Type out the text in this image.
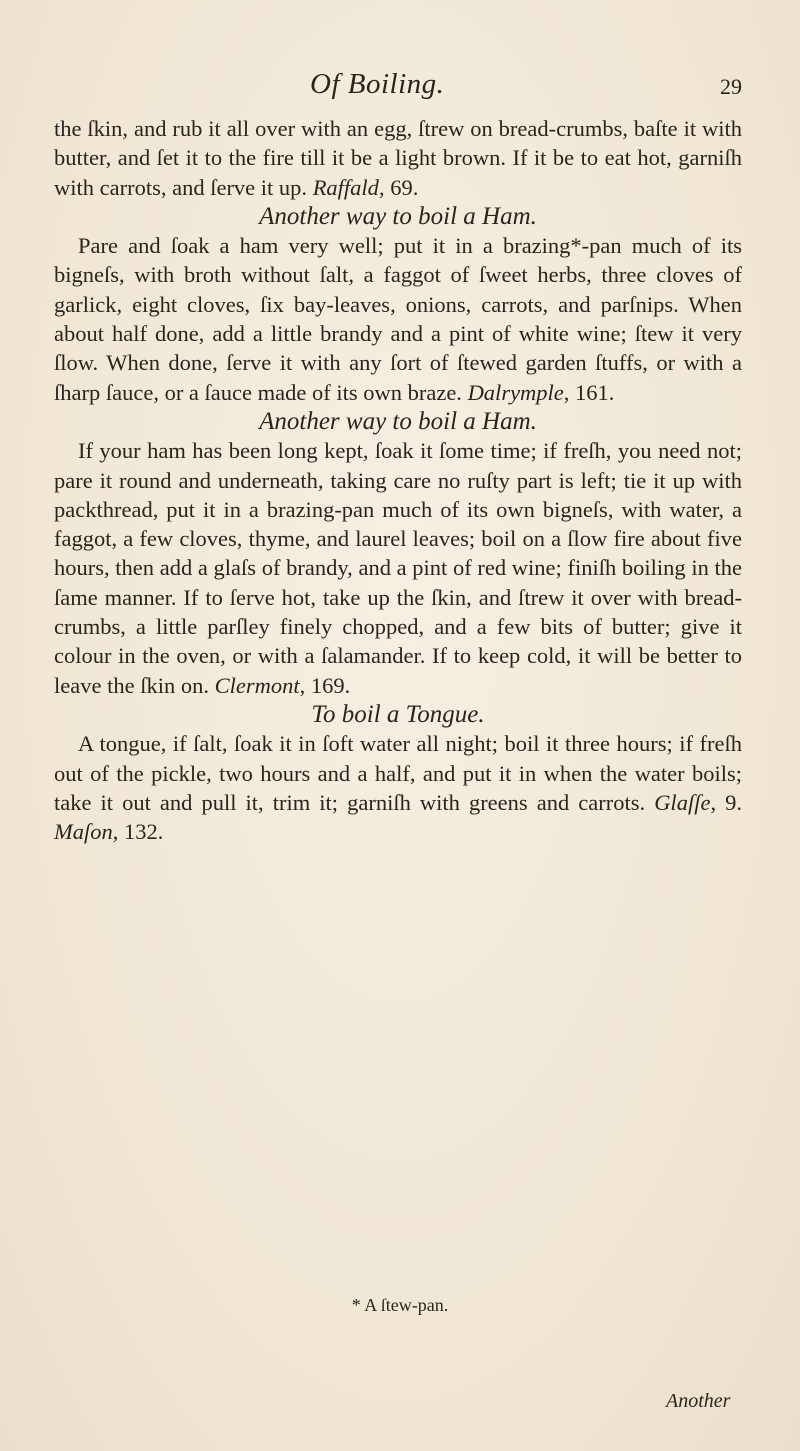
Of Boiling.	29

the ſkin, and rub it all over with an egg, ſtrew on bread-crumbs, baſte it with butter, and ſet it to the fire till it be a light brown. If it be to eat hot, garniſh with carrots, and ſerve it up. Raffald, 69.

Another way to boil a Ham.

Pare and ſoak a ham very well; put it in a brazing*-pan much of its bigneſs, with broth without ſalt, a faggot of ſweet herbs, three cloves of garlick, eight cloves, ſix bay-leaves, onions, carrots, and parſnips. When about half done, add a little brandy and a pint of white wine; ſtew it very ſlow. When done, ſerve it with any ſort of ſtewed garden ſtuffs, or with a ſharp ſauce, or a ſauce made of its own braze. Dalrymple, 161.

Another way to boil a Ham.

If your ham has been long kept, ſoak it ſome time; if freſh, you need not; pare it round and underneath, taking care no ruſty part is left; tie it up with packthread, put it in a brazing-pan much of its own bigneſs, with water, a faggot, a few cloves, thyme, and laurel leaves; boil on a ſlow fire about five hours, then add a glaſs of brandy, and a pint of red wine; finiſh boiling in the ſame manner. If to ſerve hot, take up the ſkin, and ſtrew it over with bread-crumbs, a little parſley finely chopped, and a few bits of butter; give it colour in the oven, or with a ſalamander. If to keep cold, it will be better to leave the ſkin on. Clermont, 169.

To boil a Tongue.

A tongue, if ſalt, ſoak it in ſoft water all night; boil it three hours; if freſh out of the pickle, two hours and a half, and put it in when the water boils; take it out and pull it, trim it; garniſh with greens and carrots. Glaſſe, 9. Maſon, 132.

* A ſtew-pan.
Another
